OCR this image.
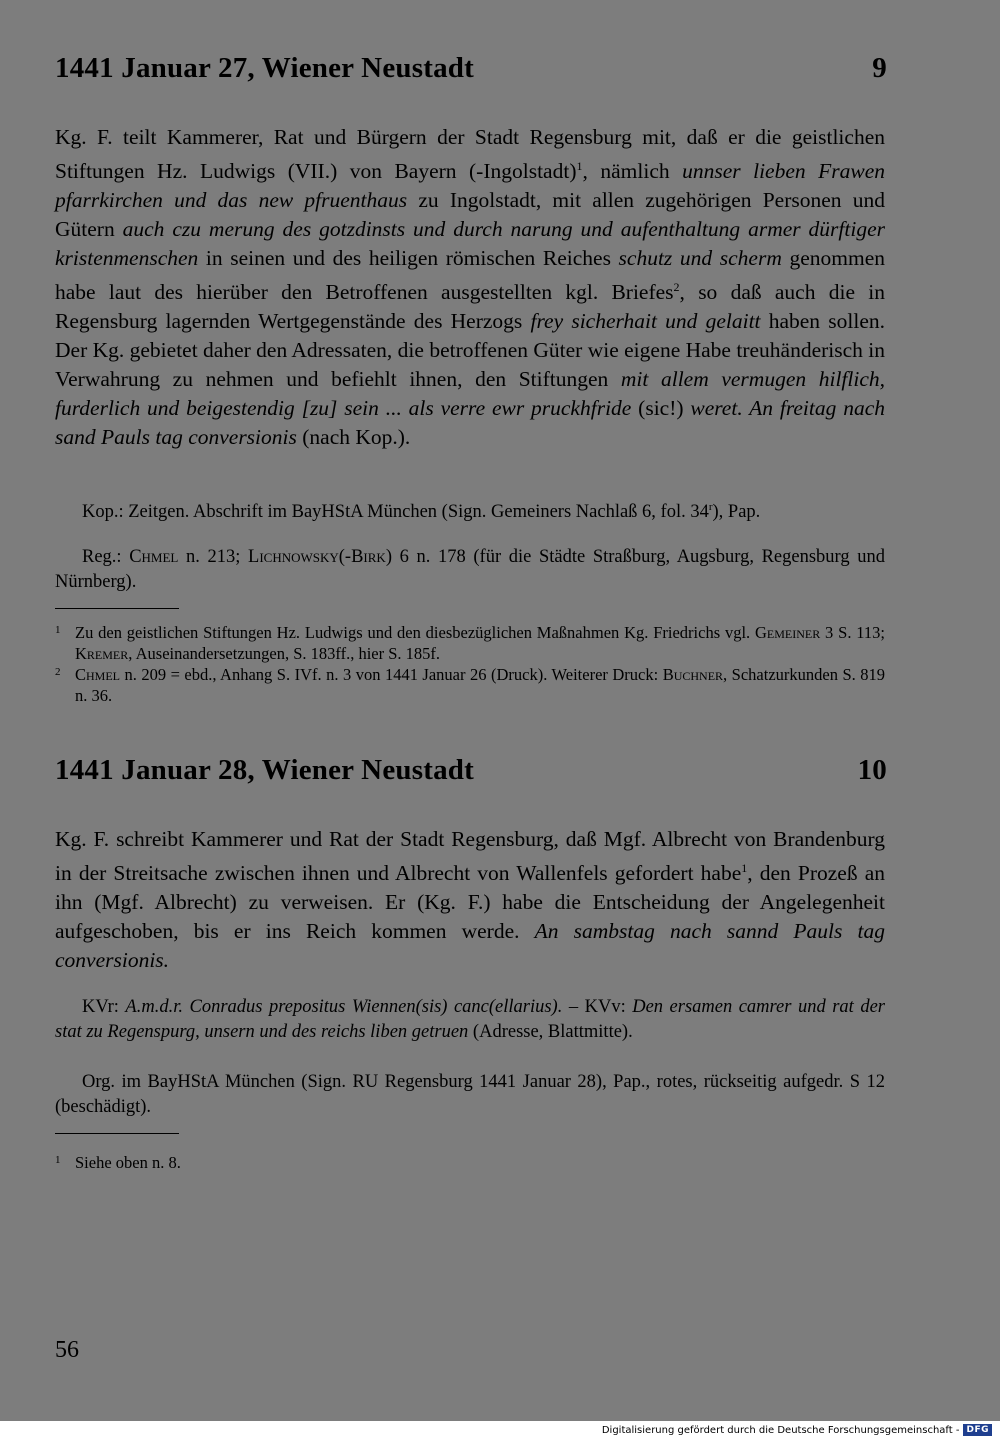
1441 Januar 27, Wiener Neustadt	9
Kg. F. teilt Kammerer, Rat und Bürgern der Stadt Regensburg mit, daß er die geistlichen Stiftungen Hz. Ludwigs (VII.) von Bayern (-Ingolstadt)$^1$, nämlich unnser lieben Frawen pfarrkirchen und das new pfruenthaus zu Ingolstadt, mit allen zugehörigen Personen und Gütern auch czu merung des gotzdinsts und durch narung und aufenthaltung armer dürftiger kristenmenschen in seinen und des heiligen römischen Reiches schutz und scherm genommen habe laut des hierüber den Betroffenen ausgestellten kgl. Briefes$^2$, so daß auch die in Regensburg lagernden Wertgegenstände des Herzogs frey sicherhait und gelaitt haben sollen. Der Kg. gebietet daher den Adressaten, die betroffenen Güter wie eigene Habe treuhänderisch in Verwahrung zu nehmen und befiehlt ihnen, den Stiftungen mit allem vermugen hilflich, furderlich und beigestendig [zu] sein ... als verre ewr pruckhfride (sic!) weret. An freitag nach sand Pauls tag conversionis (nach Kop.).
Kop.: Zeitgen. Abschrift im BayHStA München (Sign. Gemeiners Nachlaß 6, fol. 34$^r$), Pap.
Reg.: Chmel n. 213; Lichnowsky(-Birk) 6 n. 178 (für die Städte Straßburg, Augsburg, Regensburg und Nürnberg).
1 Zu den geistlichen Stiftungen Hz. Ludwigs und den diesbezüglichen Maßnahmen Kg. Friedrichs vgl. Gemeiner 3 S. 113; Kremer, Auseinandersetzungen, S. 183ff., hier S. 185f.
2 Chmel n. 209 = ebd., Anhang S. IVf. n. 3 von 1441 Januar 26 (Druck). Weiterer Druck: Buchner, Schatzurkunden S. 819 n. 36.
1441 Januar 28, Wiener Neustadt	10
Kg. F. schreibt Kammerer und Rat der Stadt Regensburg, daß Mgf. Albrecht von Brandenburg in der Streitsache zwischen ihnen und Albrecht von Wallenfels gefordert habe$^1$, den Prozeß an ihn (Mgf. Albrecht) zu verweisen. Er (Kg. F.) habe die Entscheidung der Angelegenheit aufgeschoben, bis er ins Reich kommen werde. An sambstag nach sannd Pauls tag conversionis.
KVr: A.m.d.r. Conradus prepositus Wiennen(sis) canc(ellarius). – KVv: Den ersamen camrer und rat der stat zu Regenspurg, unsern und des reichs liben getruen (Adresse, Blattmitte).
Org. im BayHStA München (Sign. RU Regensburg 1441 Januar 28), Pap., rotes, rückseitig aufgedr. S 12 (beschädigt).
1 Siehe oben n. 8.
56
Digitalisierung gefördert durch die Deutsche Forschungsgemeinschaft - DFG
